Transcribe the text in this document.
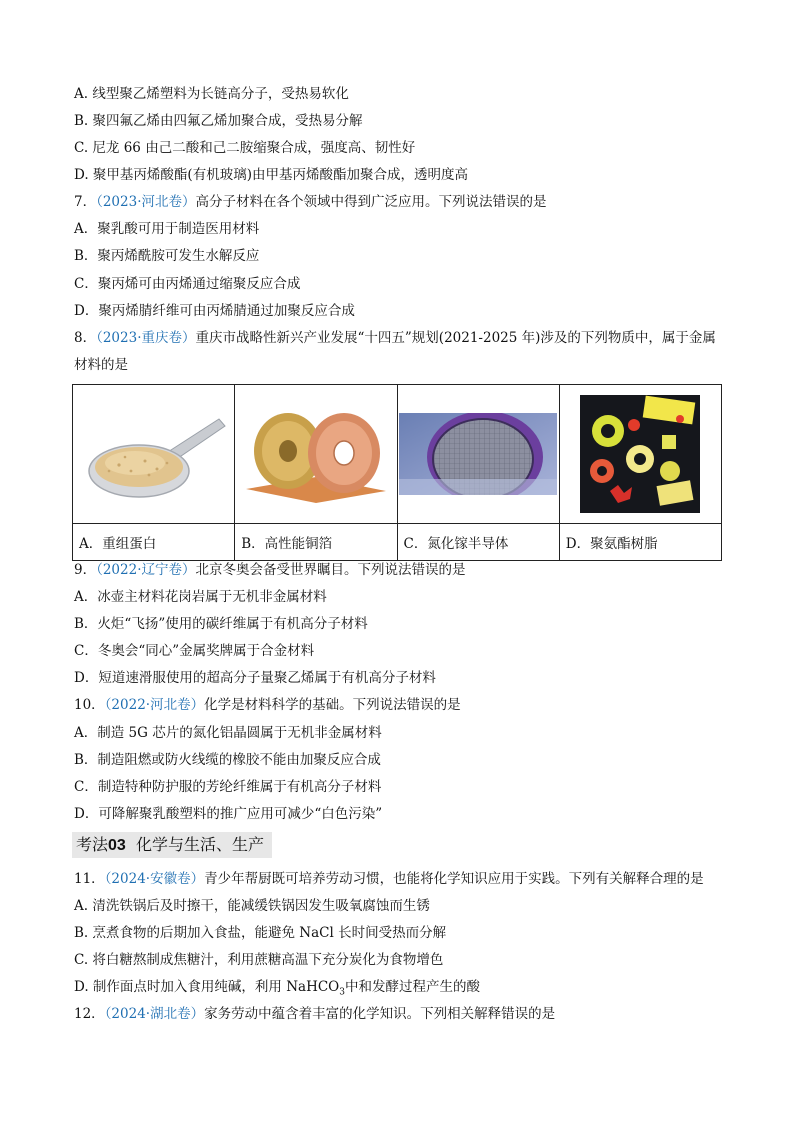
A. 线型聚乙烯塑料为长链高分子，受热易软化
B. 聚四氟乙烯由四氟乙烯加聚合成，受热易分解
C. 尼龙 66 由己二酸和己二胺缩聚合成，强度高、韧性好
D. 聚甲基丙烯酸酯(有机玻璃)由甲基丙烯酸酯加聚合成，透明度高
7．（2023·河北卷）高分子材料在各个领域中得到广泛应用。下列说法错误的是
A．聚乳酸可用于制造医用材料
B．聚丙烯酰胺可发生水解反应
C．聚丙烯可由丙烯通过缩聚反应合成
D．聚丙烯腈纤维可由丙烯腈通过加聚反应合成
8．（2023·重庆卷）重庆市战略性新兴产业发展“十四五”规划(2021-2025 年)涉及的下列物质中，属于金属
材料的是

A．重组蛋白	B．高性能铜箔	C．氮化镓半导体	D．聚氨酯树脂
9．（2022·辽宁卷）北京冬奥会备受世界瞩目。下列说法错误的是
A．冰壶主材料花岗岩属于无机非金属材料
B．火炬“飞扬”使用的碳纤维属于有机高分子材料
C．冬奥会“同心”金属奖牌属于合金材料
D．短道速滑服使用的超高分子量聚乙烯属于有机高分子材料
10．（2022·河北卷）化学是材料科学的基础。下列说法错误的是
A．制造 5G 芯片的氮化铝晶圆属于无机非金属材料
B．制造阻燃或防火线缆的橡胶不能由加聚反应合成
C．制造特种防护服的芳纶纤维属于有机高分子材料
D．可降解聚乳酸塑料的推广应用可减少“白色污染”
考法03 化学与生活、生产
11．（2024·安徽卷）青少年帮厨既可培养劳动习惯，也能将化学知识应用于实践。下列有关解释合理的是
A. 清洗铁锅后及时擦干，能减缓铁锅因发生吸氧腐蚀而生锈
B. 烹煮食物的后期加入食盐，能避免 NaCl 长时间受热而分解
C. 将白糖熬制成焦糖汁，利用蔗糖高温下充分炭化为食物增色
D. 制作面点时加入食用纯碱，利用 NaHCO$_3$中和发酵过程产生的酸
12．（2024·湖北卷）家务劳动中蕴含着丰富的化学知识。下列相关解释错误的是
